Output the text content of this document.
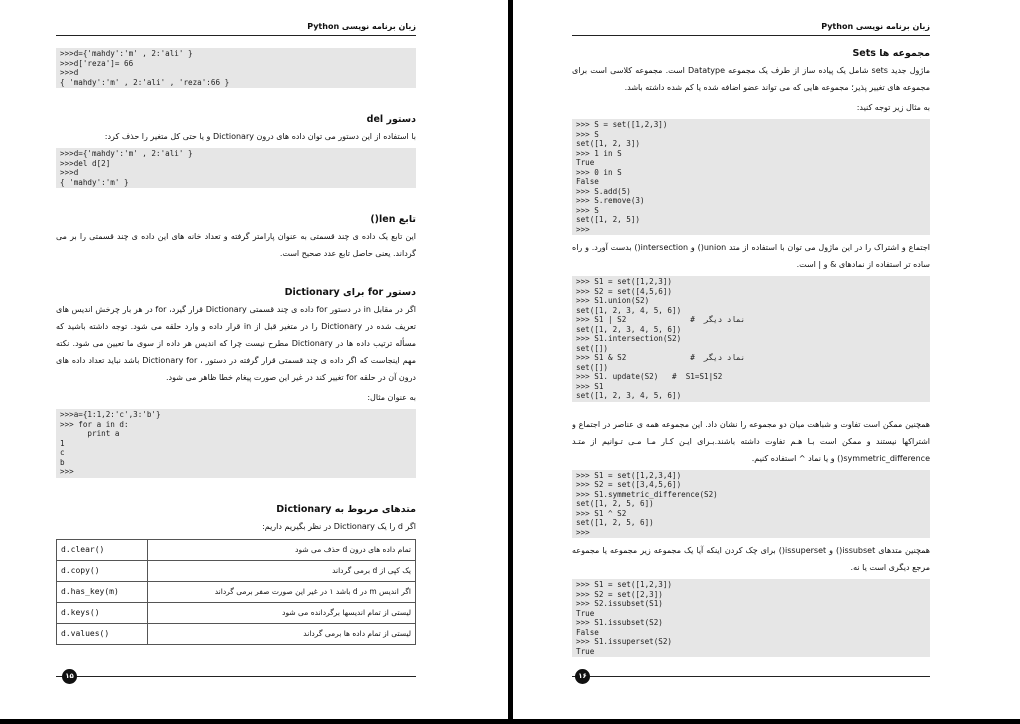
زبان برنامه نویسی Python
>>>d={'mahdy':'m' , 2:'ali' }
>>>d['reza']= 66
>>>d
{ 'mahdy':'m' , 2:'ali' , 'reza':66 }
دستور del
با استفاده از این دستور می توان داده های درون Dictionary و یا حتی کل متغیر را حذف کرد:
>>>d={'mahdy':'m' , 2:'ali' }
>>>del d[2]
>>>d
{ 'mahdy':'m' }
تابع len()
این تابع یک داده ی چند قسمتی به عنوان پارامتر گرفته و تعداد خانه های این داده ی چند قسمتی را بر می گرداند. یعنی حاصل تابع عدد صحیح است.
دستور for برای Dictionary
اگر در مقابل in در دستور for داده ی چند قسمتی Dictionary قرار گیرد، for در هر بار چرخش اندیس های تعریف شده در Dictionary را در متغیر قبل از in قرار داده و وارد حلقه می شود. توجه داشته باشید که مسأله ترتیب داده ها در Dictionary مطرح نیست چرا که اندیس هر داده از سوی ما تعیین می شود. نکته مهم اینجاست که اگر داده ی چند قسمتی قرار گرفته در دستور ، Dictionary for باشد نباید تعداد داده های درون آن در حلقه for تغییر کند در غیر این صورت پیغام خطا ظاهر می شود.
به عنوان مثال:
>>>a={1:1,2:'c',3:'b'}
>>> for a in d:
print a
1
c
b
>>>
متدهای مربوط به Dictionary
اگر d را یک Dictionary در نظر بگیریم داریم:
d.clear()	تمام داده های درون d حذف می شود
d.copy()	یک کپی از d برمی گرداند
d.has_key(m)	اگر اندیس m در d باشد ۱ در غیر این صورت صفر برمی گرداند
d.keys()	لیستی از تمام اندیسها برگردانده می شود
d.values()	لیستی از تمام داده ها برمی گرداند
۱۵
زبان برنامه نویسی Python
مجموعه ها Sets
ماژول جدید sets شامل یک پیاده ساز از طرف یک مجموعه Datatype است. مجموعه کلاسی است برای مجموعه های تغییر پذیر؛ مجموعه هایی که می تواند عضو اضافه شده یا کم شده داشته باشد.
به مثال زیر توجه کنید:
>>> S = set([1,2,3])
>>> S
set([1, 2, 3])
>>> 1 in S
True
>>> 0 in S
False
>>> S.add(5)
>>> S.remove(3)
>>> S
set([1, 2, 5])
>>>
اجتماع و اشتراک را در این ماژول می توان با استفاده از متد union() و intersection() بدست آورد. و راه ساده تر استفاده از نمادهای & و | است.
>>> S1 = set([1,2,3])
>>> S2 = set([4,5,6])
>>> S1.union(S2)
set([1, 2, 3, 4, 5, 6])
>>> S1 | S2              #  نماد دیگر
set([1, 2, 3, 4, 5, 6])
>>> S1.intersection(S2)
set([])
>>> S1 & S2              #  نماد دیگر
set([])
>>> S1. update(S2)   #  S1=S1|S2
>>> S1
set([1, 2, 3, 4, 5, 6])
همچنین ممکن است تفاوت و شباهت میان دو مجموعه را نشان داد. این مجموعه همه ی عناصر در اجتماع و اشتراکها نیستند و ممکن است بـا هـم تفاوت داشته باشند.بـرای ایـن کـار مـا مـی تـوانیم از متـد symmetric_difference() و یا نماد ^ استفاده کنیم.
>>> S1 = set([1,2,3,4])
>>> S2 = set([3,4,5,6])
>>> S1.symmetric_difference(S2)
set([1, 2, 5, 6])
>>> S1 ^ S2
set([1, 2, 5, 6])
>>>
همچنین متدهای issubset() و issuperset() برای چک کردن اینکه آیا یک مجموعه زیر مجموعه یا مجموعه مرجع دیگری است یا نه.
>>> S1 = set([1,2,3])
>>> S2 = set([2,3])
>>> S2.issubset(S1)
True
>>> S1.issubset(S2)
False
>>> S1.issuperset(S2)
True
۱۶
